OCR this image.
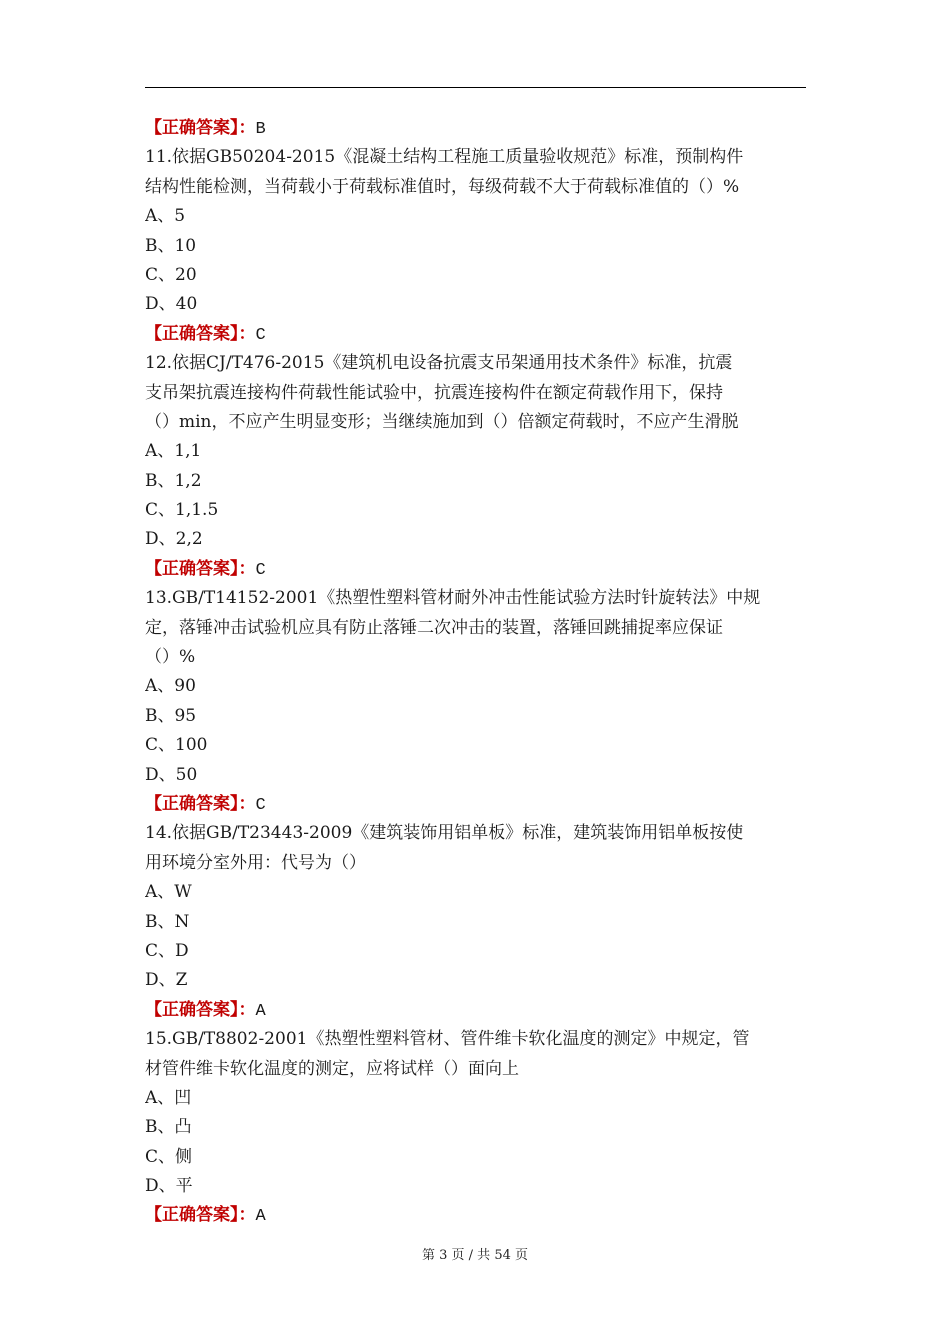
【正确答案】：B
11.依据GB50204-2015《混凝土结构工程施工质量验收规范》标准，预制构件
结构性能检测，当荷载小于荷载标准值时，每级荷载不大于荷载标准值的（）%
A、5
B、10
C、20
D、40
【正确答案】：C
12.依据CJ/T476-2015《建筑机电设备抗震支吊架通用技术条件》标准，抗震
支吊架抗震连接构件荷载性能试验中，抗震连接构件在额定荷载作用下，保持
（）min，不应产生明显变形；当继续施加到（）倍额定荷载时，不应产生滑脱
A、1,1
B、1,2
C、1,1.5
D、2,2
【正确答案】：C
13.GB/T14152-2001《热塑性塑料管材耐外冲击性能试验方法时针旋转法》中规
定，落锤冲击试验机应具有防止落锤二次冲击的装置，落锤回跳捕捉率应保证
（）%
A、90
B、95
C、100
D、50
【正确答案】：C
14.依据GB/T23443-2009《建筑装饰用铝单板》标准，建筑装饰用铝单板按使
用环境分室外用：代号为（）
A、W
B、N
C、D
D、Z
【正确答案】：A
15.GB/T8802-2001《热塑性塑料管材、管件维卡软化温度的测定》中规定，管
材管件维卡软化温度的测定，应将试样（）面向上
A、凹
B、凸
C、侧
D、平
【正确答案】：A
第 3 页 / 共 54 页
